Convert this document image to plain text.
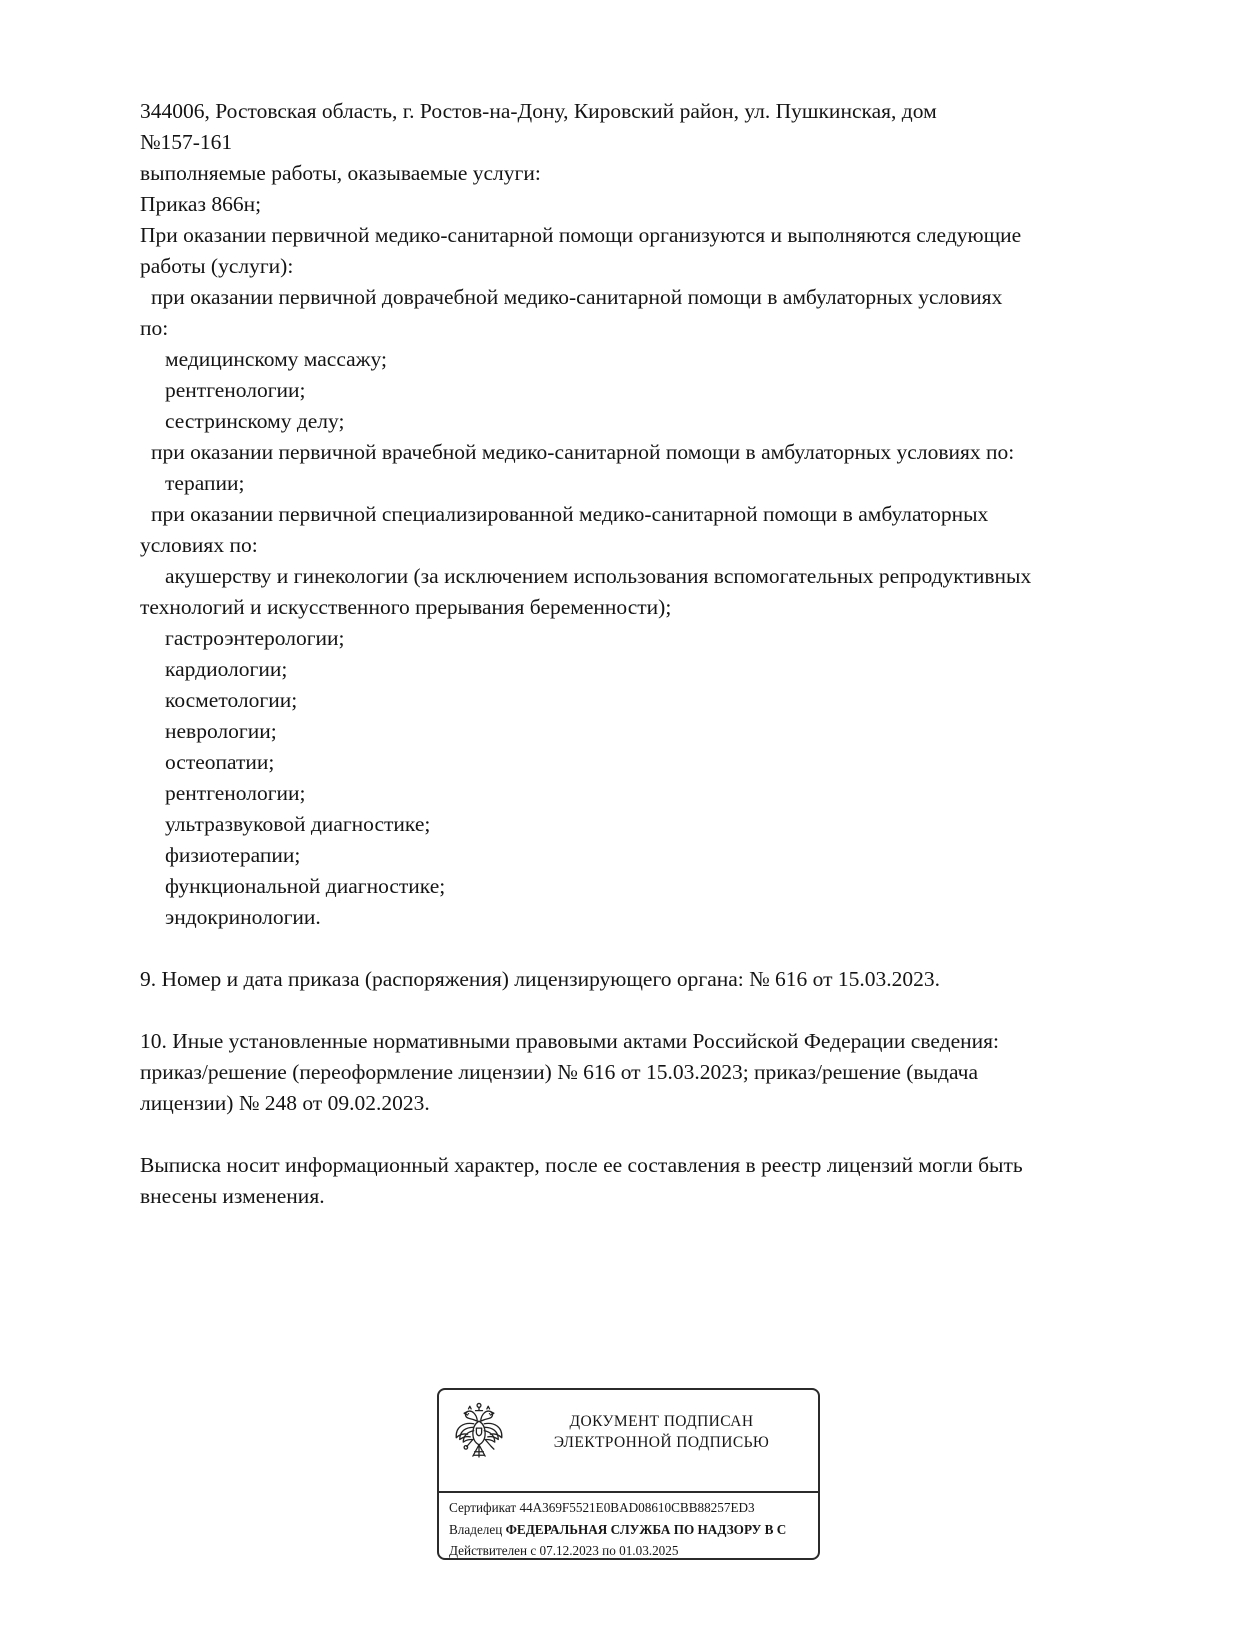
344006, Ростовская область, г. Ростов-на-Дону, Кировский район, ул. Пушкинская, дом

№157-161

выполняемые работы, оказываемые услуги:

Приказ 866н;

При оказании первичной медико-санитарной помощи организуются и выполняются следующие

работы (услуги):

при оказании первичной доврачебной медико-санитарной помощи в амбулаторных условиях

по:

медицинскому массажу;

рентгенологии;

сестринскому делу;

при оказании первичной врачебной медико-санитарной помощи в амбулаторных условиях по:

терапии;

при оказании первичной специализированной медико-санитарной помощи в амбулаторных

условиях по:

акушерству и гинекологии (за исключением использования вспомогательных репродуктивных

технологий и искусственного прерывания беременности);

гастроэнтерологии;

кардиологии;

косметологии;

неврологии;

остеопатии;

рентгенологии;

ультразвуковой диагностике;

физиотерапии;

функциональной диагностике;

эндокринологии.

9. Номер и дата приказа (распоряжения) лицензирующего органа: № 616 от 15.03.2023.

10. Иные установленные нормативными правовыми актами Российской Федерации сведения:

приказ/решение (переоформление лицензии) № 616 от 15.03.2023; приказ/решение (выдача

лицензии) № 248 от 09.02.2023.

Выписка носит информационный характер, после ее составления в реестр лицензий могли быть

внесены изменения.

ДОКУМЕНТ ПОДПИСАН
ЭЛЕКТРОННОЙ ПОДПИСЬЮ
Сертификат 44A369F5521E0BAD08610CBB88257ED3
Владелец ФЕДЕРАЛЬНАЯ СЛУЖБА ПО НАДЗОРУ В С
Действителен с 07.12.2023 по 01.03.2025
